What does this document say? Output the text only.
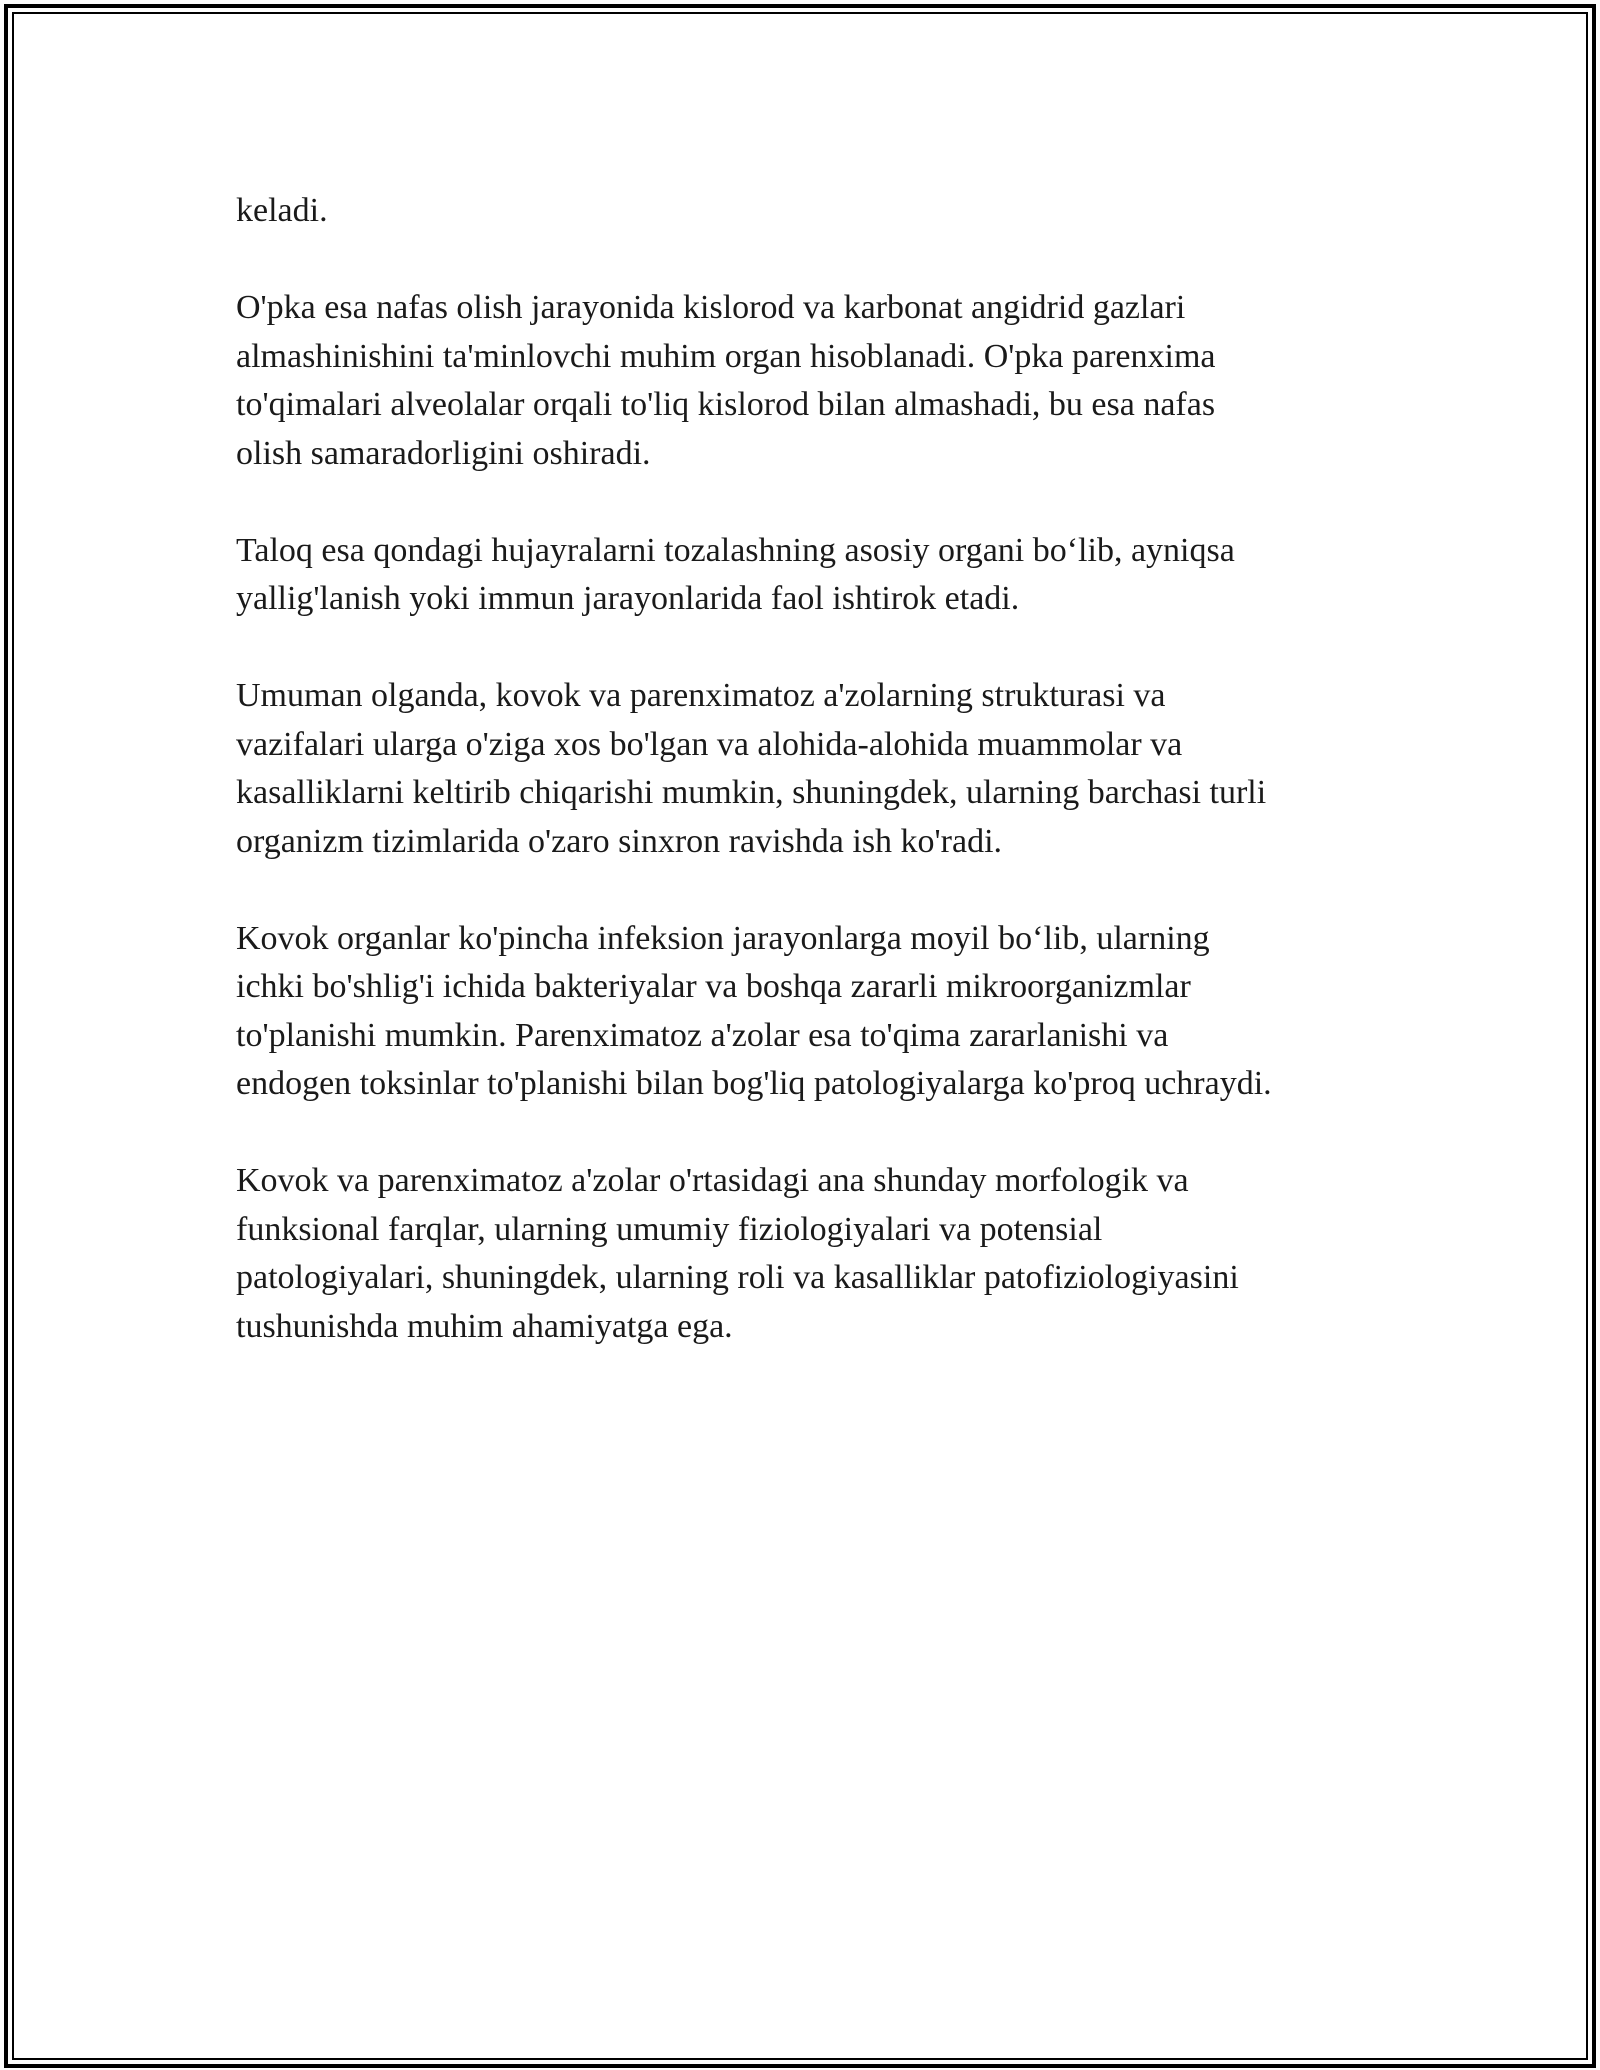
keladi.

O'pka esa nafas olish jarayonida kislorod va karbonat angidrid gazlari
almashinishini ta'minlovchi muhim organ hisoblanadi. O'pka parenxima
to'qimalari alveolalar orqali to'liq kislorod bilan almashadi, bu esa nafas
olish samaradorligini oshiradi.

Taloq esa qondagi hujayralarni tozalashning asosiy organi bo‘lib, ayniqsa
yallig'lanish yoki immun jarayonlarida faol ishtirok etadi.

Umuman olganda, kovok va parenximatoz a'zolarning strukturasi va
vazifalari ularga o'ziga xos bo'lgan va alohida-alohida muammolar va
kasalliklarni keltirib chiqarishi mumkin, shuningdek, ularning barchasi turli
organizm tizimlarida o'zaro sinxron ravishda ish ko'radi.

Kovok organlar ko'pincha infeksion jarayonlarga moyil bo‘lib, ularning
ichki bo'shlig'i ichida bakteriyalar va boshqa zararli mikroorganizmlar
to'planishi mumkin. Parenximatoz a'zolar esa to'qima zararlanishi va
endogen toksinlar to'planishi bilan bog'liq patologiyalarga ko'proq uchraydi.

Kovok va parenximatoz a'zolar o'rtasidagi ana shunday morfologik va
funksional farqlar, ularning umumiy fiziologiyalari va potensial
patologiyalari, shuningdek, ularning roli va kasalliklar patofiziologiyasini
tushunishda muhim ahamiyatga ega.
